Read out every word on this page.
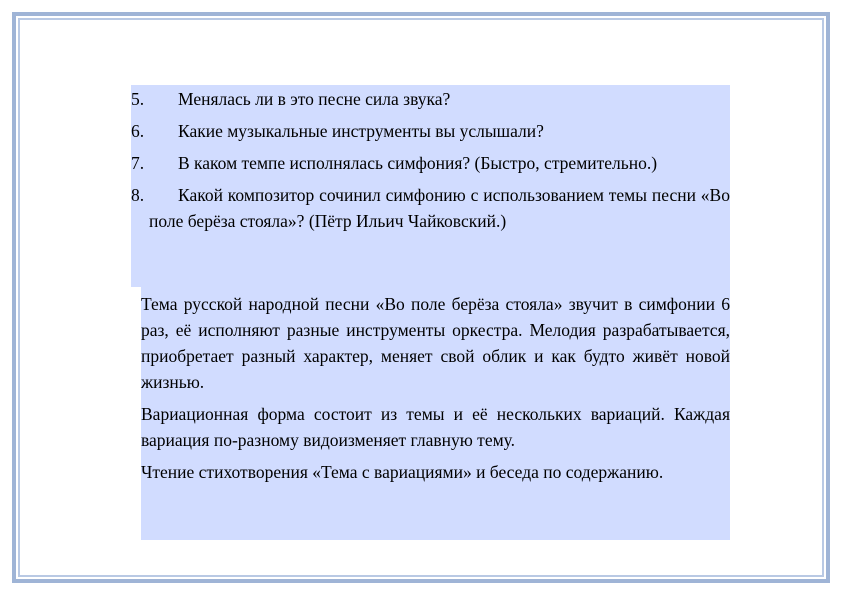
5. Менялась ли в это песне сила звука?
6. Какие музыкальные инструменты вы услышали?
7. В каком темпе исполнялась симфония? (Быстро, стремительно.)
8. Какой композитор сочинил симфонию с использованием темы песни «Во поле берёза стояла»? (Пётр Ильич Чайковский.)

Тема русской народной песни «Во поле берёза стояла» звучит в симфонии 6 раз, её исполняют разные инструменты оркестра. Мелодия разрабатывается, приобретает разный характер, меняет свой облик и как будто живёт новой жизнью.

Вариационная форма состоит из темы и её нескольких вариаций. Каждая вариация по-разному видоизменяет главную тему.

Чтение стихотворения «Тема с вариациями» и беседа по содержанию.
